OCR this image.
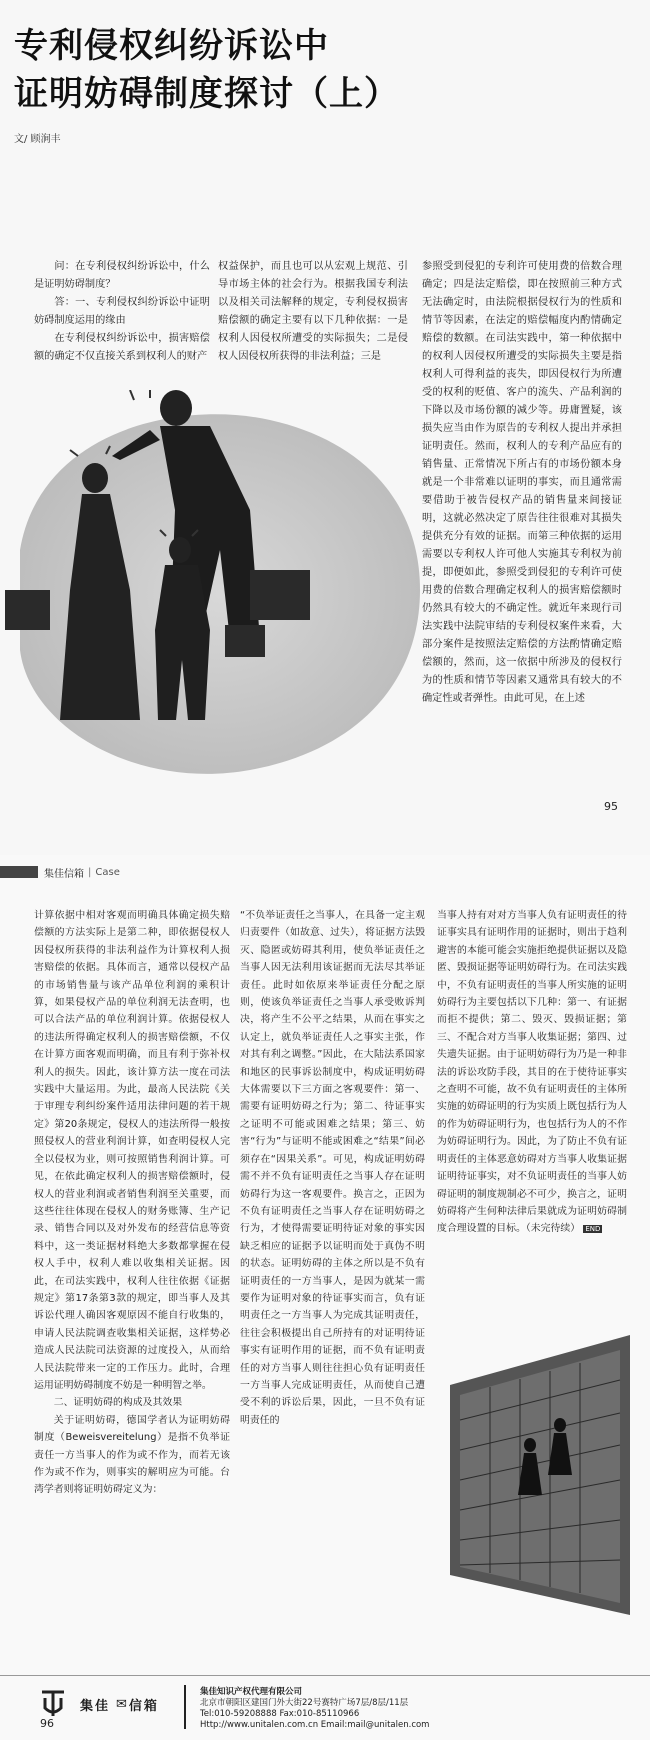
专利侵权纠纷诉讼中
证明妨碍制度探讨（上）
文/ 顾涧丰

问：在专利侵权纠纷诉讼中，什么是证明妨碍制度？

答：一、专利侵权纠纷诉讼中证明妨碍制度运用的缘由

在专利侵权纠纷诉讼中，损害赔偿额的确定不仅直接关系到权利人的财产

权益保护，而且也可以从宏观上规范、引导市场主体的社会行为。根据我国专利法以及相关司法解释的规定，专利侵权损害赔偿额的确定主要有以下几种依据：一是权利人因侵权所遭受的实际损失；二是侵权人因侵权所获得的非法利益；三是

参照受到侵犯的专利许可使用费的倍数合理确定；四是法定赔偿，即在按照前三种方式无法确定时，由法院根据侵权行为的性质和情节等因素，在法定的赔偿幅度内酌情确定赔偿的数额。在司法实践中，第一种依据中的权利人因侵权所遭受的实际损失主要是指权利人可得利益的丧失，即因侵权行为所遭受的权利的贬值、客户的流失、产品利润的下降以及市场份额的减少等。毋庸置疑，该损失应当由作为原告的专利权人提出并承担证明责任。然而，权利人的专利产品应有的销售量、正常情况下所占有的市场份额本身就是一个非常难以证明的事实，而且通常需要借助于被告侵权产品的销售量来间接证明，这就必然决定了原告往往很难对其损失提供充分有效的证据。而第三种依据的运用需要以专利权人许可他人实施其专利权为前提，即便如此，参照受到侵犯的专利许可使用费的倍数合理确定权利人的损害赔偿额时仍然具有较大的不确定性。就近年来现行司法实践中法院审结的专利侵权案件来看，大部分案件是按照法定赔偿的方法酌情确定赔偿额的，然而，这一依据中所涉及的侵权行为的性质和情节等因素又通常具有较大的不确定性或者弹性。由此可见，在上述

95
集佳信箱 | Case

计算依据中相对客观而明确具体确定损失赔偿额的方法实际上是第二种，即依据侵权人因侵权所获得的非法利益作为计算权利人损害赔偿的依据。具体而言，通常以侵权产品的市场销售量与该产品单位利润的乘积计算，如果侵权产品的单位利润无法查明，也可以合法产品的单位利润计算。依据侵权人的违法所得确定权利人的损害赔偿额，不仅在计算方面客观而明确，而且有利于弥补权利人的损失。因此，该计算方法一度在司法实践中大量运用。为此，最高人民法院《关于审理专利纠纷案件适用法律问题的若干规定》第20条规定，侵权人的违法所得一般按照侵权人的营业利润计算，如查明侵权人完全以侵权为业，则可按照销售利润计算。可见，在依此确定权利人的损害赔偿额时，侵权人的营业利润或者销售利润至关重要，而这些往往体现在侵权人的财务账簿、生产记录、销售合同以及对外发布的经营信息等资料中，这一类证据材料绝大多数都掌握在侵权人手中，权利人难以收集相关证据。因此，在司法实践中，权利人往往依据《证据规定》第17条第3款的规定，即当事人及其诉讼代理人确因客观原因不能自行收集的，申请人民法院调查收集相关证据，这样势必造成人民法院司法资源的过度投入，从而给人民法院带来一定的工作压力。此时，合理运用证明妨碍制度不妨是一种明智之举。

二、证明妨碍的构成及其效果

关于证明妨碍，德国学者认为证明妨碍制度（Beweisvereitelung）是指不负举证责任一方当事人的作为或不作为，而若无该作为或不作为，则事实的解明应为可能。台湾学者则将证明妨碍定义为：

“不负举证责任之当事人，在具备一定主观归责要件（如故意、过失），将证据方法毁灭、隐匿或妨碍其利用，使负举证责任之当事人因无法利用该证据而无法尽其举证责任。此时如依原来举证责任分配之原则，使该负举证责任之当事人承受败诉判决，将产生不公平之结果，从而在事实之认定上，就负举证责任人之事实主张，作对其有利之调整。”因此，在大陆法系国家和地区的民事诉讼制度中，构成证明妨碍大体需要以下三方面之客观要件：第一、需要有证明妨碍之行为；第二、待证事实之证明不可能或困难之结果；第三、妨害“行为”与证明不能或困难之“结果”间必须存在“因果关系”。可见，构成证明妨碍需不并不负有证明责任之当事人存在证明妨碍行为这一客观要件。换言之，正因为不负有证明责任之当事人存在证明妨碍之行为，才使得需要证明待证对象的事实因缺乏相应的证据予以证明而处于真伪不明的状态。证明妨碍的主体之所以是不负有证明责任的一方当事人，是因为就某一需要作为证明对象的待证事实而言，负有证明责任之一方当事人为完成其证明责任，往往会积极提出自己所持有的对证明待证事实有证明作用的证据，而不负有证明责任的对方当事人则往往担心负有证明责任一方当事人完成证明责任，从而使自己遭受不利的诉讼后果，因此，一旦不负有证明责任的

当事人持有对对方当事人负有证明责任的待证事实具有证明作用的证据时，则出于趋利避害的本能可能会实施拒绝提供证据以及隐匿、毁损证据等证明妨碍行为。在司法实践中，不负有证明责任的当事人所实施的证明妨碍行为主要包括以下几种：第一、有证据而拒不提供；第二、毁灭、毁损证据；第三、不配合对方当事人收集证据；第四、过失遗失证据。由于证明妨碍行为乃是一种非法的诉讼攻防手段，其目的在于使待证事实之查明不可能，故不负有证明责任的主体所实施的妨碍证明的行为实质上既包括行为人的作为妨碍证明行为，也包括行为人的不作为妨碍证明行为。因此，为了防止不负有证明责任的主体恶意妨碍对方当事人收集证据证明待证事实，对不负证明责任的当事人妨碍证明的制度规制必不可少，换言之，证明妨碍将产生何种法律后果就成为证明妨碍制度合理设置的目标。（未完待续） END

集佳 ✉ 信箱
集佳知识产权代理有限公司
北京市朝阳区建国门外大街22号赛特广场7层/8层/11层
Tel:010-59208888 Fax:010-85110966
Http://www.unitalen.com.cn Email:mail@unitalen.com
96
